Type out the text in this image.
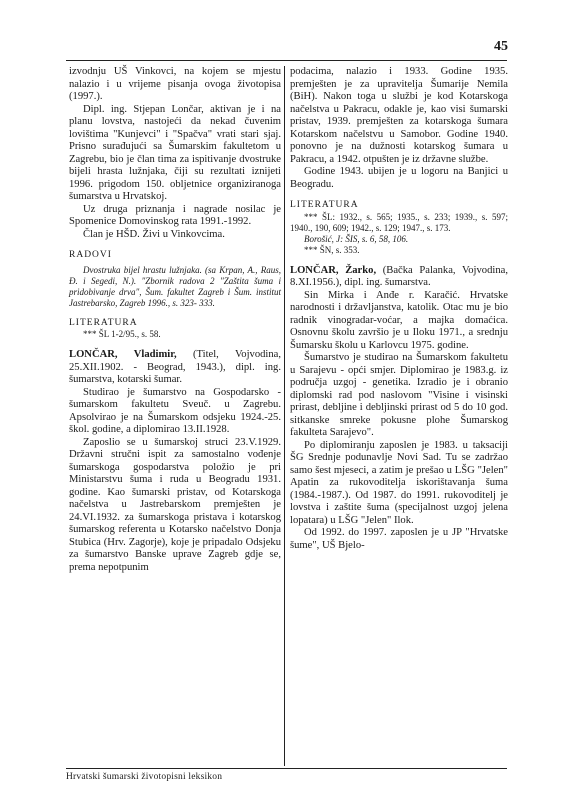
45

izvodnju UŠ Vinkovci, na kojem se mjestu nalazio i u vrijeme pisanja ovoga životopisa (1997.).

Dipl. ing. Stjepan Lončar, aktivan je i na planu lovstva, nastojeći da nekad čuvenim lovištima "Kunjevci" i "Spačva" vrati stari sjaj. Prisno surađujući sa Šumarskim fakultetom u Zagrebu, bio je član tima za ispitivanje dvostruke bijeli hrasta lužnjaka, čiji su rezultati iznijeti 1996. prigodom 150. obljetnice organiziranoga šumarstva u Hrvatskoj.

Uz druga priznanja i nagrade nosilac je Spomenice Domovinskog rata 1991.-1992.

Član je HŠD. Živi u Vinkovcima.

RADOVI

Dvostruka bijel hrastu lužnjaka. (sa Krpan, A., Raus, Đ. i Segedi, N.). "Zbornik radova 2 "Zaštita šuma i pridobivanje drva", Šum. fakultet Zagreb i Šum. institut Jastrebarsko, Zagreb 1996., s. 323- 333.

LITERATURA

*** ŠL 1-2/95., s. 58.

LONČAR, Vladimir, (Titel, Vojvodina, 25.XII.1902. - Beograd, 1943.), dipl. ing. šumarstva, kotarski šumar.

Studirao je šumarstvo na Gospodarsko - šumarskom fakultetu Sveuč. u Zagrebu. Apsolvirao je na Šumarskom odsjeku 1924.-25. škol. godine, a diplomirao 13.II.1928.

Zaposlio se u šumarskoj struci 23.V.1929. Državni stručni ispit za samostalno vođenje šumarskoga gospodarstva položio je pri Ministarstvu šuma i ruda u Beogradu 1931. godine. Kao šumarski pristav, od Kotarskoga načelstva u Jastrebarskom premješten je 24.VI.1932. za šumarskoga pristava i kotarskog šumarskog referenta u Kotarsko načelstvo Donja Stubica (Hrv. Zagorje), koje je pripadalo Odsjeku za šumarstvo Banske uprave Zagreb gdje se, prema nepotpunim

podacima, nalazio i 1933. Godine 1935. premješten je za upravitelja Šumarije Nemila (BiH). Nakon toga u službi je kod Kotarskoga načelstva u Pakracu, odakle je, kao visi šumarski pristav, 1939. premješten za kotarskoga šumara Kotarskom načelstvu u Samobor. Godine 1940. ponovno je na dužnosti kotarskog šumara u Pakracu, a 1942. otpušten je iz državne službe.

Godine 1943. ubijen je u logoru na Banjici u Beogradu.

LITERATURA

*** ŠL: 1932., s. 565; 1935., s. 233; 1939., s. 597; 1940., 190, 609; 1942., s. 129; 1947., s. 173.

Borošić, J: ŠIS, s. 6, 58, 106.

*** ŠN, s. 353.

LONČAR, Žarko, (Bačka Palanka, Vojvodina, 8.XI.1956.), dipl. ing. šumarstva.

Sin Mirka i Anđe r. Karačić. Hrvatske narodnosti i državljanstva, katolik. Otac mu je bio radnik vinogradar-voćar, a majka domaćica. Osnovnu školu završio je u Iloku 1971., a srednju Šumarsku školu u Karlovcu 1975. godine.

Šumarstvo je studirao na Šumarskom fakultetu u Sarajevu - opći smjer. Diplomirao je 1983.g. iz područja uzgoj - genetika. Izradio je i obranio diplomski rad pod naslovom "Visine i visinski prirast, debljine i debljinski prirast od 5 do 10 god. sitkanske smreke pokusne plohe Šumarskog fakulteta Sarajevo".

Po diplomiranju zaposlen je 1983. u taksaciji ŠG Srednje podunavlje Novi Sad. Tu se zadržao samo šest mjeseci, a zatim je prešao u LŠG "Jelen" Apatin za rukovoditelja iskorištavanja šuma (1984.-1987.). Od 1987. do 1991. rukovoditelj je lovstva i zaštite šuma (specijalnost uzgoj jelena lopatara) u LŠG "Jelen" Ilok.

Od 1992. do 1997. zaposlen je u JP "Hrvatske šume", UŠ Bjelo-

Hrvatski šumarski životopisni leksikon
